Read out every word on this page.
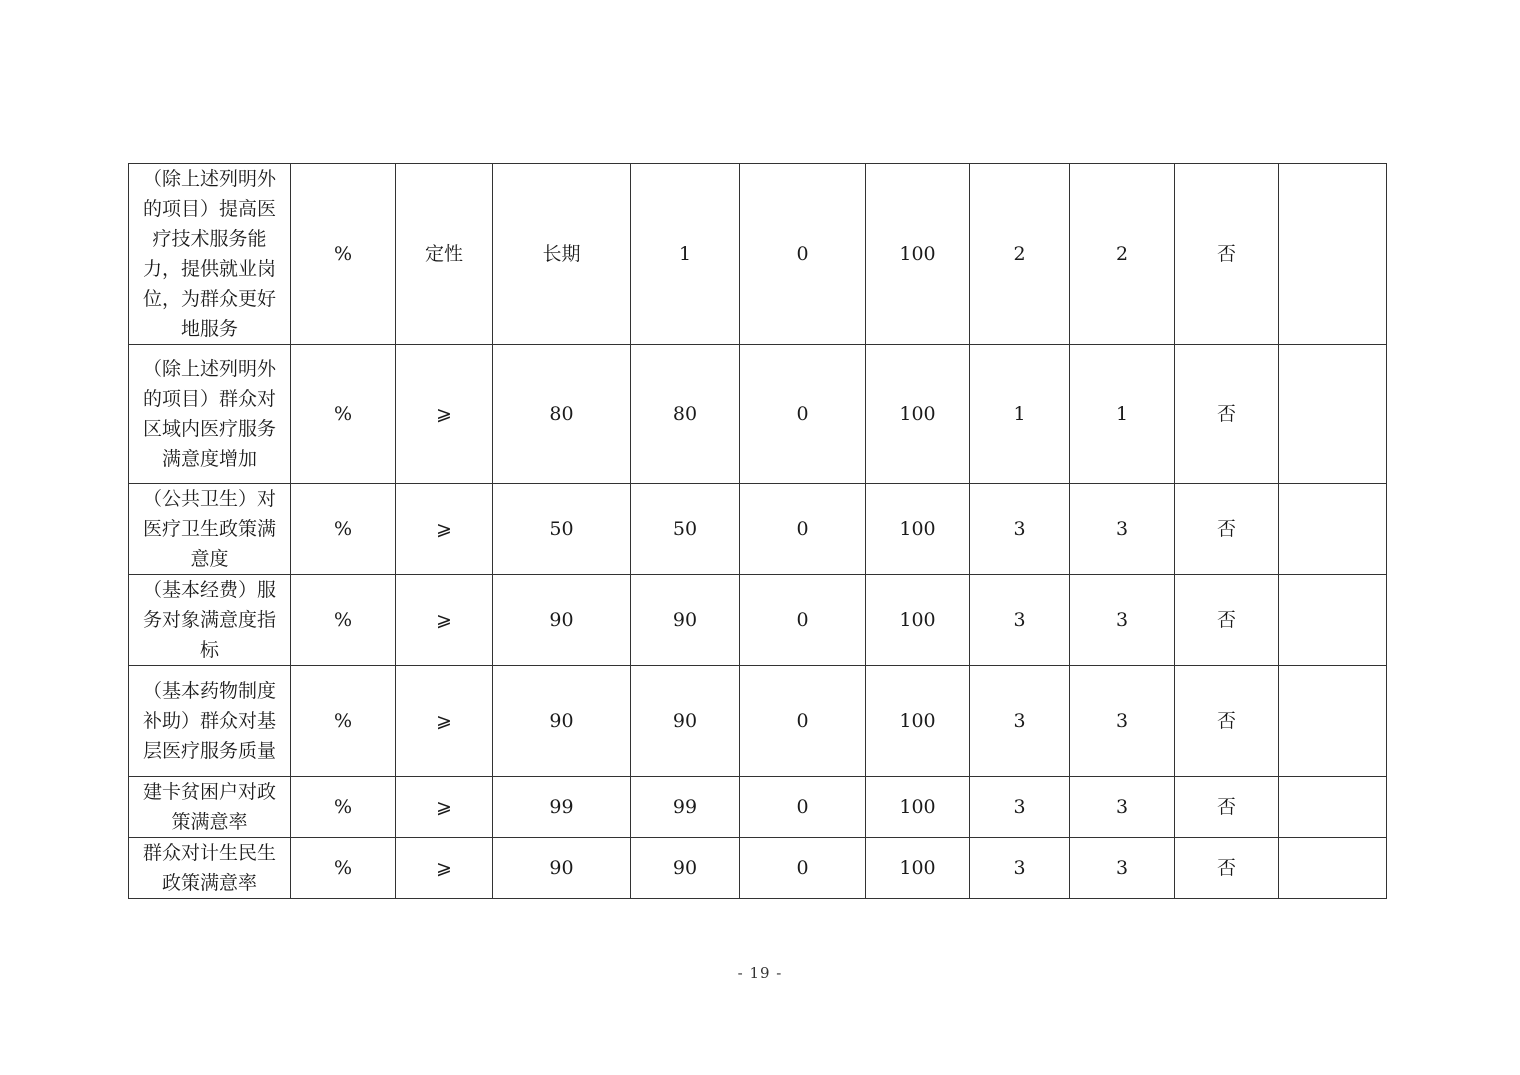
（除上述列明外的项目）提高医疗技术服务能力，提供就业岗位，为群众更好地服务	%	定性	长期	1	0	100	2	2	否	
（除上述列明外的项目）群众对区域内医疗服务满意度增加	%	⩾	80	80	0	100	1	1	否	
（公共卫生）对医疗卫生政策满意度	%	⩾	50	50	0	100	3	3	否	
（基本经费）服务对象满意度指标	%	⩾	90	90	0	100	3	3	否	
（基本药物制度补助）群众对基层医疗服务质量	%	⩾	90	90	0	100	3	3	否	
建卡贫困户对政策满意率	%	⩾	99	99	0	100	3	3	否	
群众对计生民生政策满意率	%	⩾	90	90	0	100	3	3	否	
- 19 -
